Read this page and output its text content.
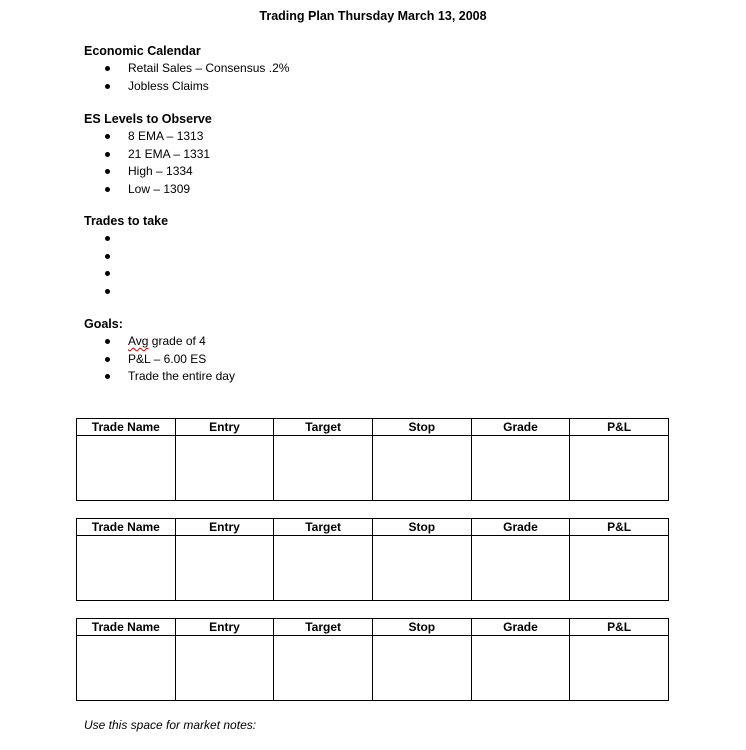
Trading Plan Thursday March 13, 2008
Economic Calendar
Retail Sales – Consensus .2%
Jobless Claims
ES Levels to Observe
8 EMA – 1313
21 EMA – 1331
High – 1334
Low – 1309
Trades to take
Goals:
Avg grade of 4
P&L – 6.00 ES
Trade the entire day
Trade Name	Entry	Target	Stop	Grade	P&L

Trade Name	Entry	Target	Stop	Grade	P&L

Trade Name	Entry	Target	Stop	Grade	P&L

Use this space for market notes:
